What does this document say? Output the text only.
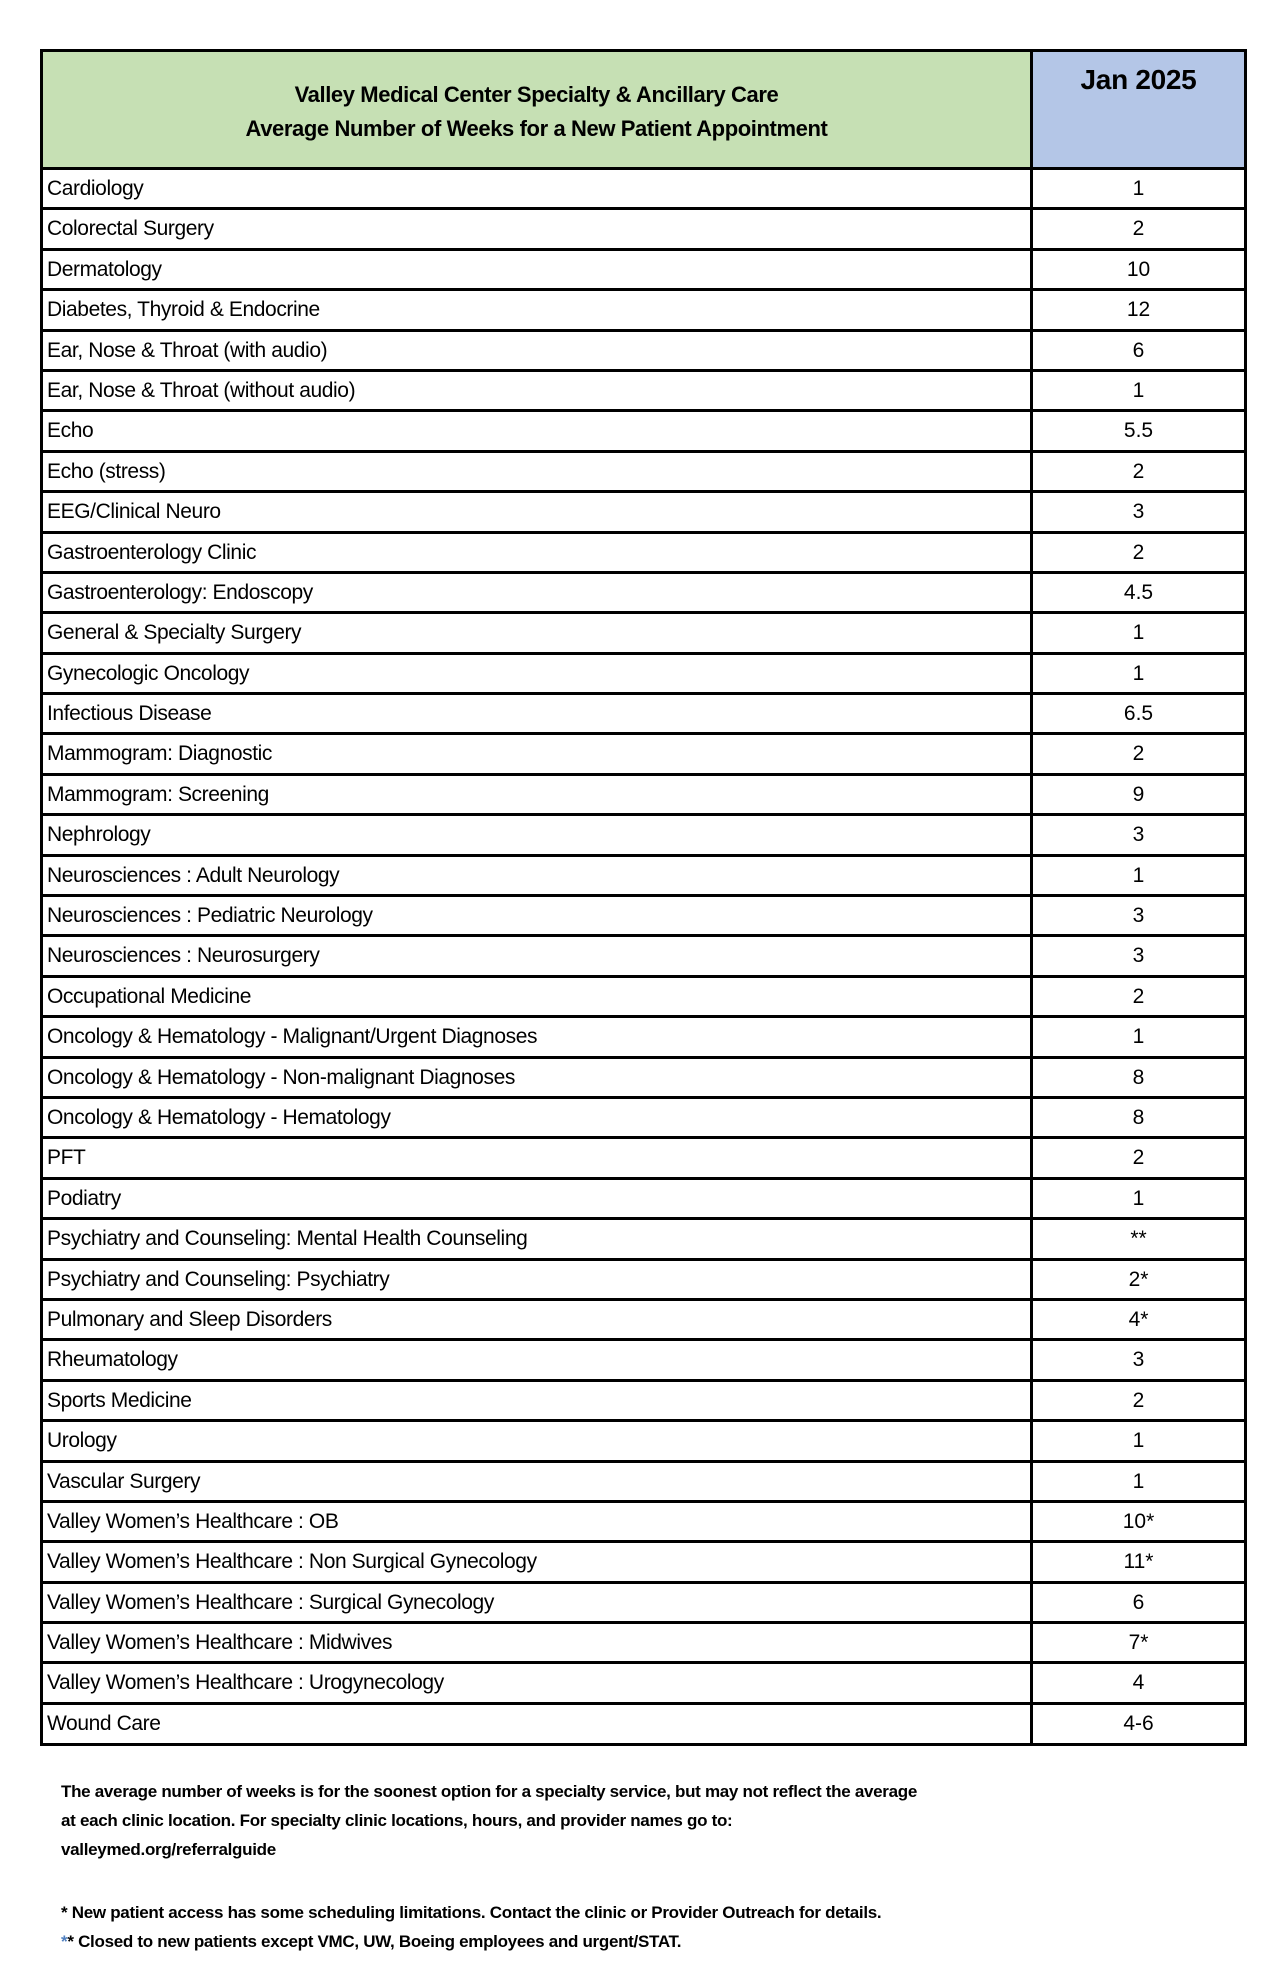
Valley Medical Center Specialty & Ancillary Care
Average Number of Weeks for a New Patient Appointment
Jan 2025
Cardiology	1
Colorectal Surgery	2
Dermatology	10
Diabetes, Thyroid & Endocrine	12
Ear, Nose & Throat (with audio)	6
Ear, Nose & Throat (without audio)	1
Echo	5.5
Echo (stress)	2
EEG/Clinical Neuro	3
Gastroenterology Clinic	2
Gastroenterology: Endoscopy	4.5
General & Specialty Surgery	1
Gynecologic Oncology	1
Infectious Disease	6.5
Mammogram: Diagnostic	2
Mammogram: Screening	9
Nephrology	3
Neurosciences : Adult Neurology	1
Neurosciences : Pediatric Neurology	3
Neurosciences : Neurosurgery	3
Occupational Medicine	2
Oncology & Hematology - Malignant/Urgent Diagnoses	1
Oncology & Hematology - Non-malignant Diagnoses	8
Oncology & Hematology - Hematology	8
PFT	2
Podiatry	1
Psychiatry and Counseling: Mental Health Counseling	**
Psychiatry and Counseling: Psychiatry	2*
Pulmonary and Sleep Disorders	4*
Rheumatology	3
Sports Medicine	2
Urology	1
Vascular Surgery	1
Valley Women’s Healthcare : OB	10*
Valley Women’s Healthcare : Non Surgical Gynecology	11*
Valley Women’s Healthcare : Surgical Gynecology	6
Valley Women’s Healthcare : Midwives	7*
Valley Women’s Healthcare : Urogynecology	4
Wound Care	4-6

The average number of weeks is for the soonest option for a specialty service, but may not reflect the average

at each clinic location. For specialty clinic locations, hours, and provider names go to:

valleymed.org/referralguide

* New patient access has some scheduling limitations. Contact the clinic or Provider Outreach for details.

** Closed to new patients except VMC, UW, Boeing employees and urgent/STAT.
